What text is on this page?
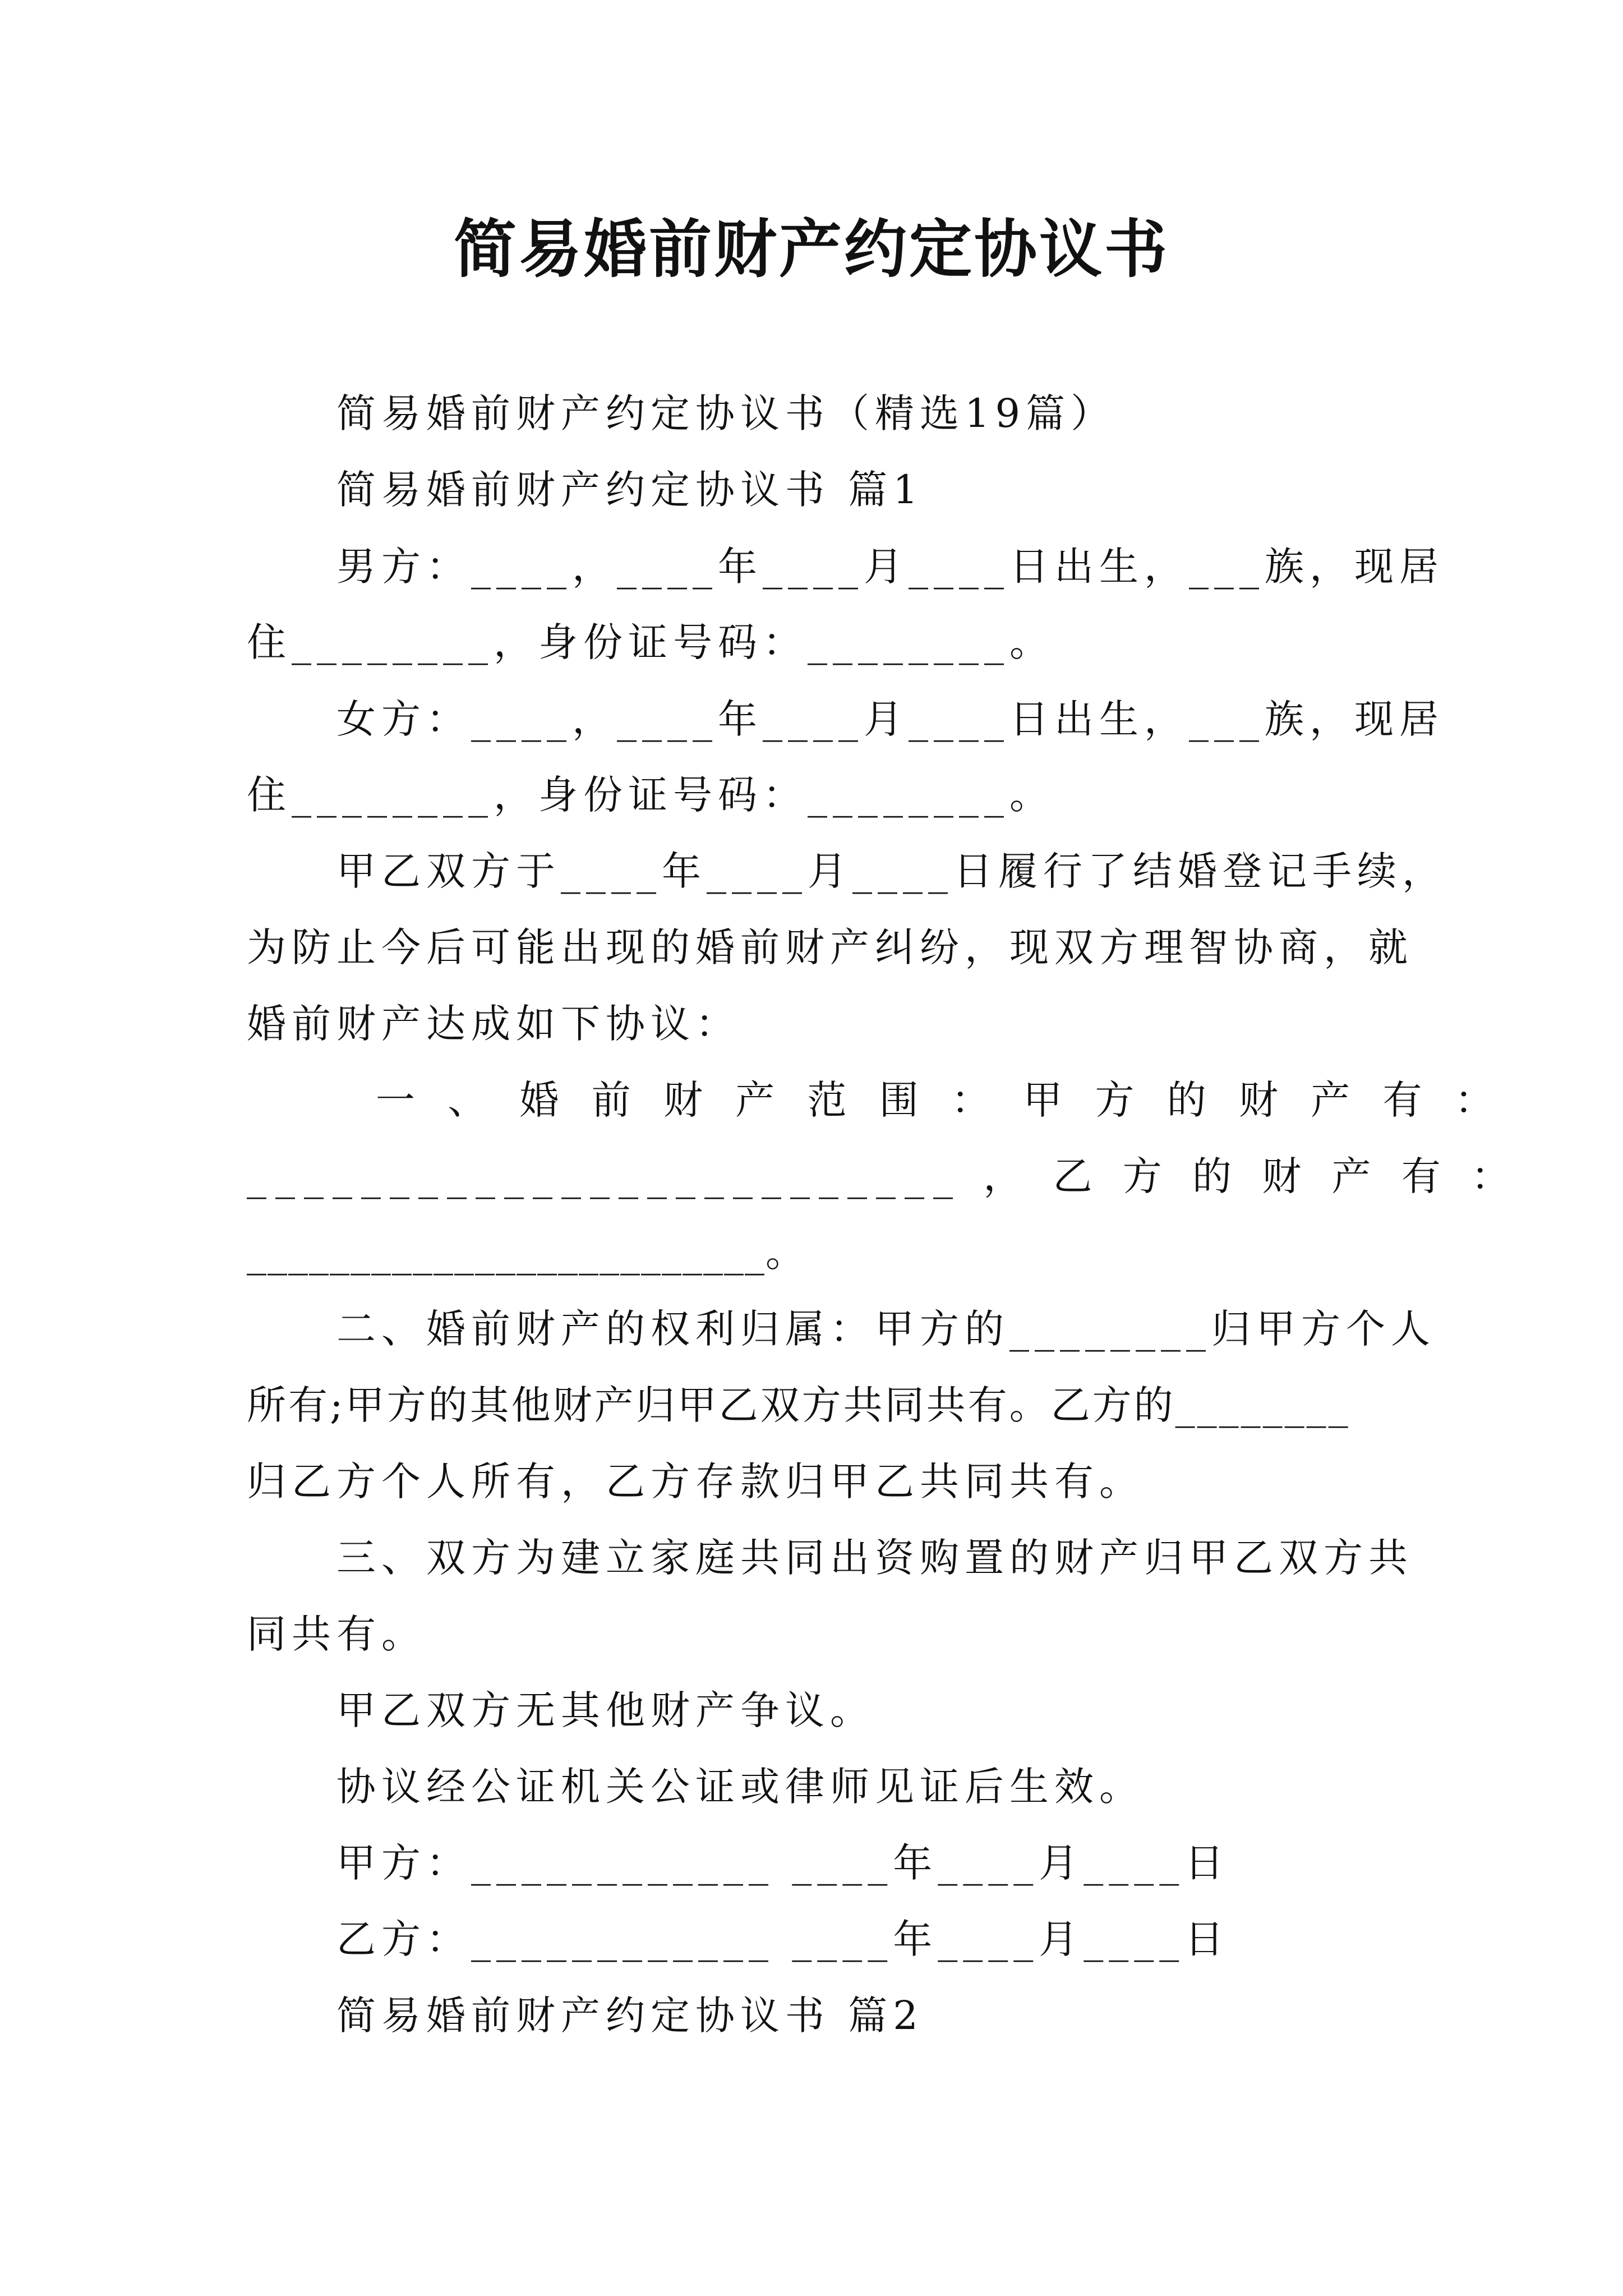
简易婚前财产约定协议书
简易婚前财产约定协议书（精选19篇）
简易婚前财产约定协议书 篇1
男方：____，____年____月____日出生，___族，现居
住________，身份证号码：________。
女方：____，____年____月____日出生，___族，现居
住________，身份证号码：________。
甲乙双方于____年____月____日履行了结婚登记手续，
为防止今后可能出现的婚前财产纠纷，现双方理智协商，就
婚前财产达成如下协议：
一 、 婚 前 财 产 范 围 ： 甲 方 的 财 产 有 ：
_________________________ ， 乙 方 的 财 产 有 ：
_________________________。
二、婚前财产的权利归属：甲方的________归甲方个人
所有;甲方的其他财产归甲乙双方共同共有。乙方的________
归乙方个人所有，乙方存款归甲乙共同共有。
三、双方为建立家庭共同出资购置的财产归甲乙双方共
同共有。
甲乙双方无其他财产争议。
协议经公证机关公证或律师见证后生效。
甲方：____________ ____年____月____日
乙方：____________ ____年____月____日
简易婚前财产约定协议书 篇2
